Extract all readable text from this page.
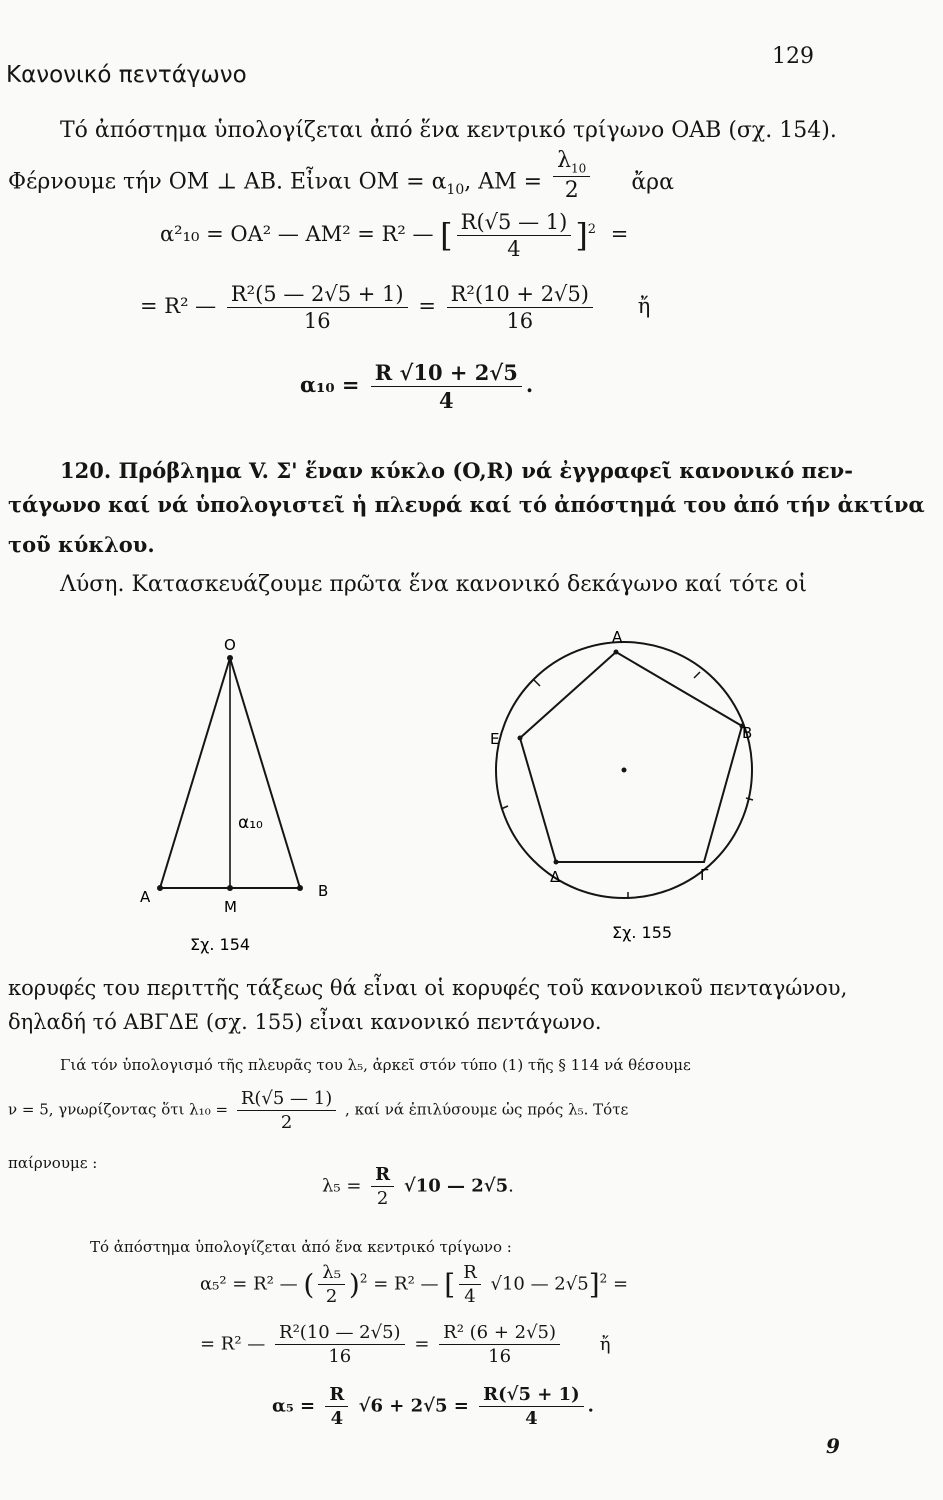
Κανονικό πεντάγωνο
129
Τό ἀπόστημα ὑπολογίζεται ἀπό ἕνα κεντρικό τρίγωνο OAB (σχ. 154).
Φέρνουμε τήν OM ⊥ AB. Εἶναι OM = $\alpha_{10}$, AM = $\frac{\lambda_{10}}{2}$ ἄρα
α²₁₀ = OA² — AM² = R² — [ $\frac{R(√5 — 1)}{4} ]^2$ =
= R² — $\frac{\text{R²(5 — 2√5 + 1)}}{16} = \frac{\text{R²(10 + 2√5)}}{16}$ ἤ
$\alpha_{10} = \frac{R √10 + 2√5}{4}$ .
120. Πρόβλημα V. Σ' ἕναν κύκλο (O,R) νά ἐγγραφεῖ κανονικό πεν-
τάγωνο καί νά ὑπολογιστεῖ ἡ πλευρά καί τό ἀπόστημά του ἀπό τήν ἀκτίνα
τοῦ κύκλου.
Λύση. Κατασκευάζουμε πρῶτα ἕνα κανονικό δεκάγωνο καί τότε οἱ
O
A	B
M
α₁₀
Σχ. 154
A
B
Γ
Δ
E
Σχ. 155
κορυφές του περιττῆς τάξεως θά εἶναι οἱ κορυφές τοῦ κανονικοῦ πενταγώνου,
δηλαδή τό ΑΒΓΔΕ (σχ. 155) εἶναι κανονικό πεντάγωνο.
Γιά τόν ὑπολογισμό τῆς πλευρᾶς του λ₅, ἀρκεῖ στόν τύπο (1) τῆς § 114 νά θέσουμε
ν = 5, γνωρίζοντας ὅτι $\lambda_{10} = \frac{R(√5 — 1)}{2}$ , καί νά ἐπιλύσουμε ὡς πρός λ₅. Τότε
παίρνουμε :
$\lambda_5 = \frac{R}{2} √10$ — 2√5.
Τό ἀπόστημα ὑπολογίζεται ἀπό ἕνα κεντρικό τρίγωνο :
α₅² = R² — ( $\frac{\text{λ₅}}{2} )^2 = R^2$ — [ $\frac{R}{4} √10$ — 2√5]$^2$ =
= R² — $\frac{\text{R²(10 — 2√5)}}{16} = \frac{\text{R² (6 + 2√5)}}{16}$ ἤ
$\alpha_5 = \frac{R}{4} √6 + 2√5 = \frac{R(√5 + 1)}{4}$ .
9
